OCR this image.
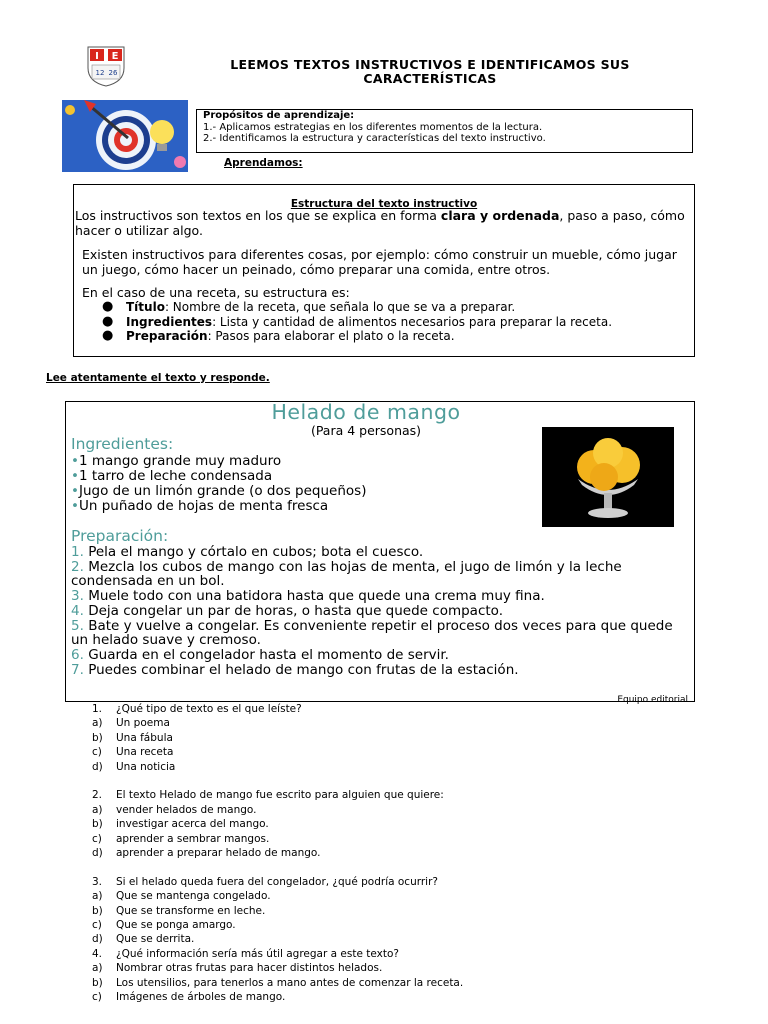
I E
12 26
LEEMOS TEXTOS INSTRUCTIVOS E IDENTIFICAMOS SUS
CARACTERÍSTICAS
Propósitos de aprendizaje:
1.- Aplicamos estrategias en los diferentes momentos de la lectura.
2.- Identificamos la estructura y características del texto instructivo.
Aprendamos:
Estructura del texto instructivo
Los instructivos son textos en los que se explica en forma clara y ordenada, paso a paso, cómo hacer o utilizar algo.
Existen instructivos para diferentes cosas, por ejemplo: cómo construir un mueble, cómo jugar un juego, cómo hacer un peinado, cómo preparar una comida, entre otros.
En el caso de una receta, su estructura es:
● Título: Nombre de la receta, que señala lo que se va a preparar.
● Ingredientes: Lista y cantidad de alimentos necesarios para preparar la receta.
● Preparación: Pasos para elaborar el plato o la receta.
Lee atentamente el texto y responde.
Helado de mango
(Para 4 personas)
Ingredientes:
•1 mango grande muy maduro
•1 tarro de leche condensada
•Jugo de un limón grande (o dos pequeños)
•Un puñado de hojas de menta fresca
Preparación:
1. Pela el mango y córtalo en cubos; bota el cuesco.
2. Mezcla los cubos de mango con las hojas de menta, el jugo de limón y la leche condensada en un bol.
3. Muele todo con una batidora hasta que quede una crema muy fina.
4. Deja congelar un par de horas, o hasta que quede compacto.
5. Bate y vuelve a congelar. Es conveniente repetir el proceso dos veces para que quede un helado suave y cremoso.
6. Guarda en el congelador hasta el momento de servir.
7. Puedes combinar el helado de mango con frutas de la estación.
Equipo editorial
1.	¿Qué tipo de texto es el que leíste?
a)	Un poema
b)	Una fábula
c)	Una receta
d)	Una noticia
2.	El texto Helado de mango fue escrito para alguien que quiere:
a)	vender helados de mango.
b)	investigar acerca del mango.
c)	aprender a sembrar mangos.
d)	aprender a preparar helado de mango.
3.	Si el helado queda fuera del congelador, ¿qué podría ocurrir?
a)	Que se mantenga congelado.
b)	Que se transforme en leche.
c)	Que se ponga amargo.
d)	Que se derrita.
4.	¿Qué información sería más útil agregar a este texto?
a)	Nombrar otras frutas para hacer distintos helados.
b)	Los utensilios, para tenerlos a mano antes de comenzar la receta.
c)	Imágenes de árboles de mango.
